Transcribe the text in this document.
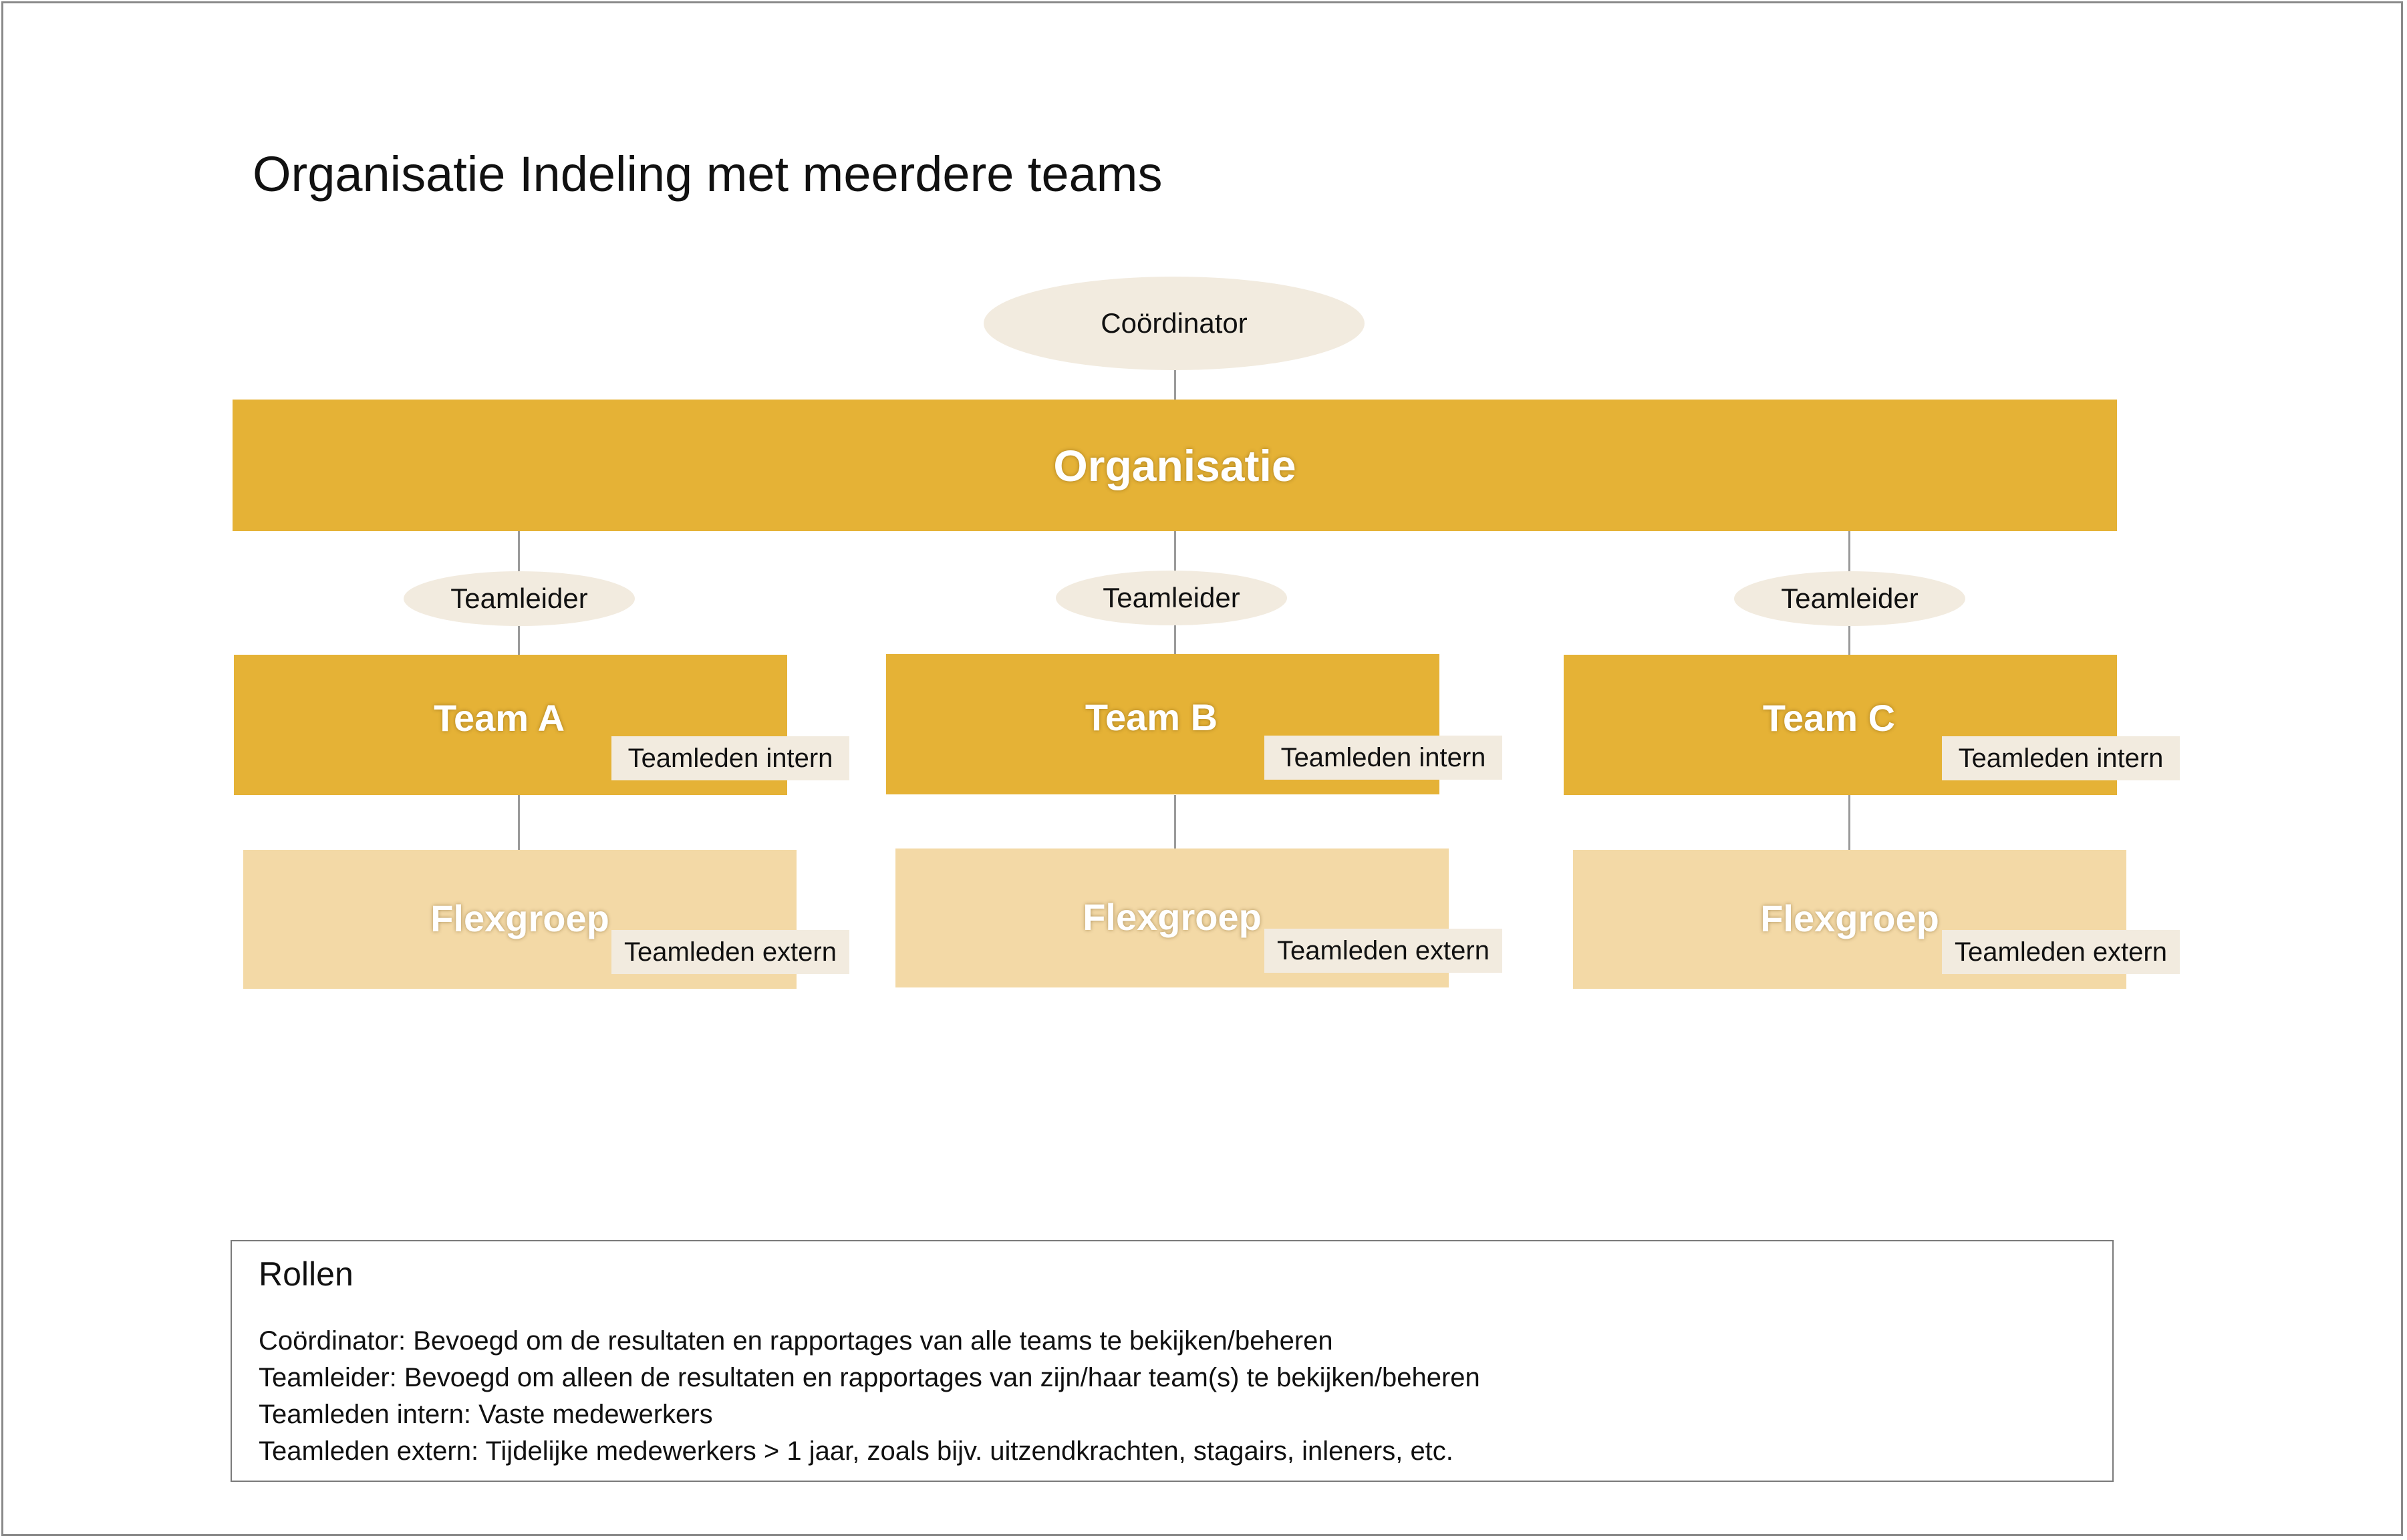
Organisatie Indeling met meerdere teams
Coördinator
Organisatie
Teamleider	Teamleider	Teamleider
Team A	Team B	Team C
Flexgroep	Flexgroep	Flexgroep
Teamleden intern	Teamleden intern	Teamleden intern
Teamleden extern	Teamleden extern	Teamleden extern
Rollen
Coördinator: Bevoegd om de resultaten en rapportages van alle teams te bekijken/beheren
Teamleider: Bevoegd om alleen de resultaten en rapportages van zijn/haar team(s) te bekijken/beheren
Teamleden intern: Vaste medewerkers
Teamleden extern: Tijdelijke medewerkers > 1 jaar, zoals bijv. uitzendkrachten, stagairs, inleners, etc.
